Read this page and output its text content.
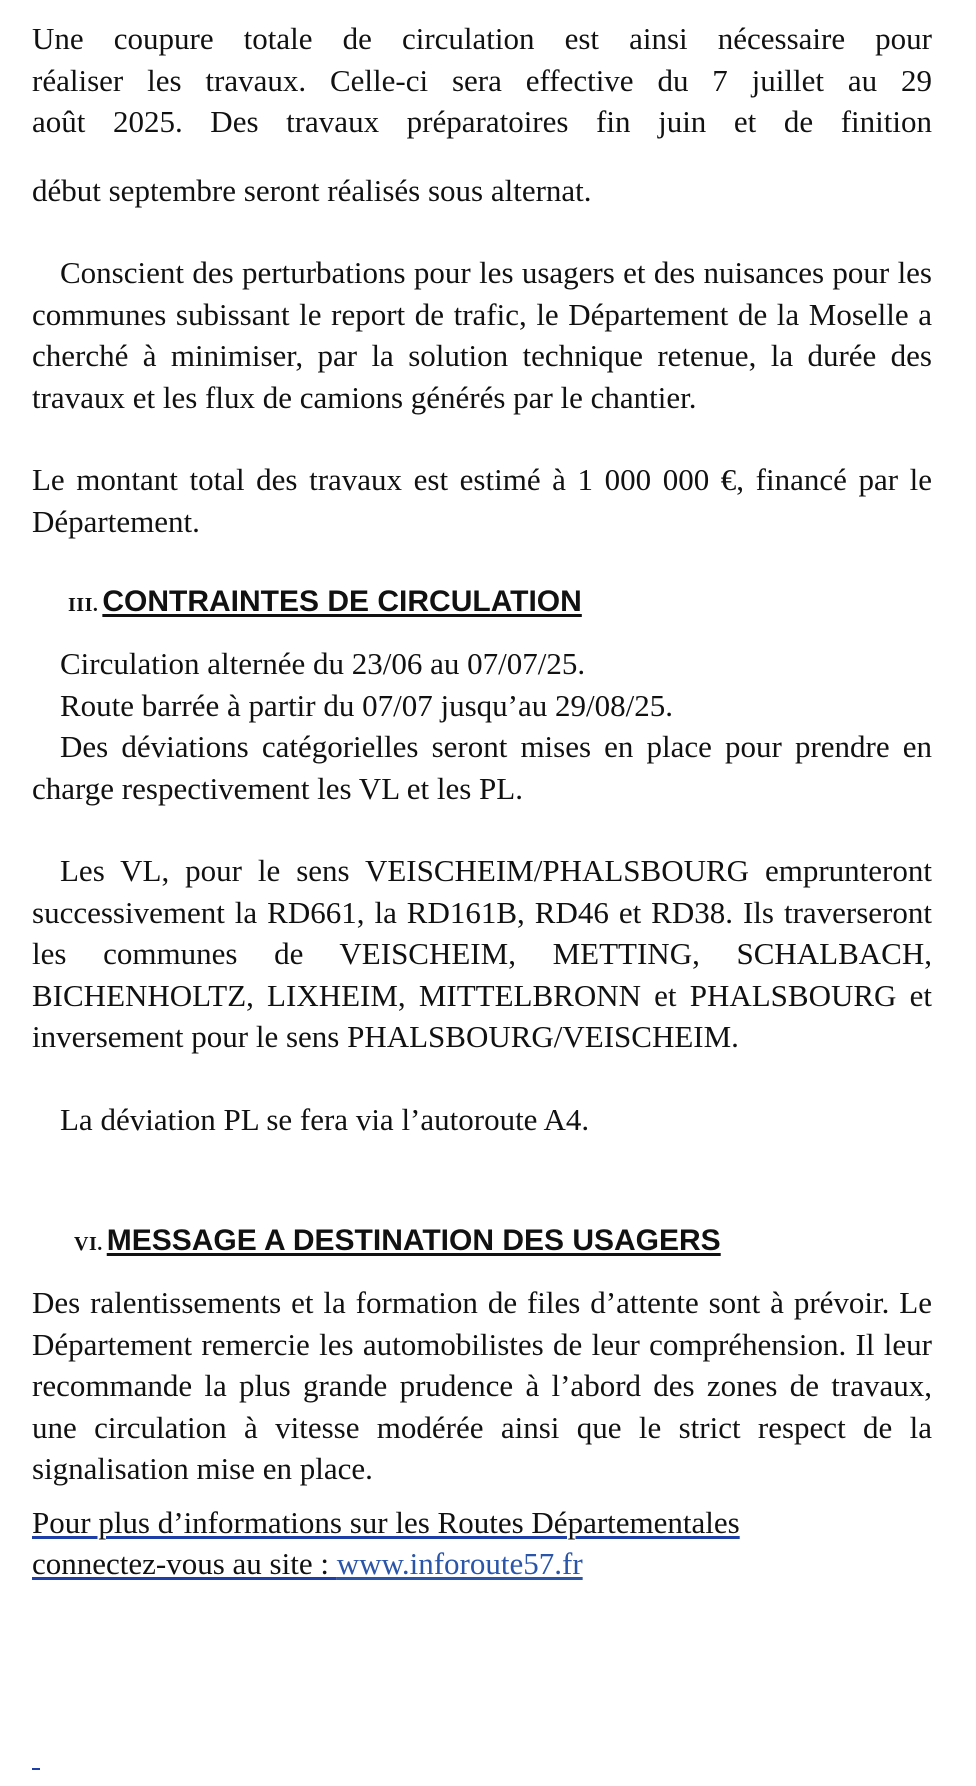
Une coupure totale de circulation est ainsi nécessaire pour

réaliser les travaux. Celle-ci sera effective du 7 juillet au 29

août 2025. Des travaux préparatoires fin juin et de finition

début septembre seront réalisés sous alternat.

Conscient des perturbations pour les usagers et des nuisances pour les communes subissant le report de trafic, le Département de la Moselle a cherché à minimiser, par la solution technique retenue, la durée des travaux et les flux de camions générés par le chantier.

Le montant total des travaux est estimé à 1 000 000 €, financé par le Département.

III. CONTRAINTES DE CIRCULATION

Circulation alternée du 23/06 au 07/07/25.

Route barrée à partir du 07/07 jusqu’au 29/08/25.

Des déviations catégorielles seront mises en place pour prendre en charge respectivement les VL et les PL.

Les VL, pour le sens VEISCHEIM/PHALSBOURG emprunteront successivement la RD661, la RD161B, RD46 et RD38. Ils traverseront les communes de VEISCHEIM, METTING, SCHALBACH, BICHENHOLTZ, LIXHEIM, MITTELBRONN et PHALSBOURG et inversement pour le sens PHALSBOURG/VEISCHEIM.

La déviation PL se fera via l’autoroute A4.

VI. MESSAGE A DESTINATION DES USAGERS

Des ralentissements et la formation de files d’attente sont à prévoir. Le Département remercie les automobilistes de leur compréhension. Il leur recommande la plus grande prudence à l’abord des zones de travaux, une circulation à vitesse modérée ainsi que le strict respect de la signalisation mise en place.

Pour plus d’informations sur les Routes Départementales

connectez-vous au site : www.inforoute57.fr
